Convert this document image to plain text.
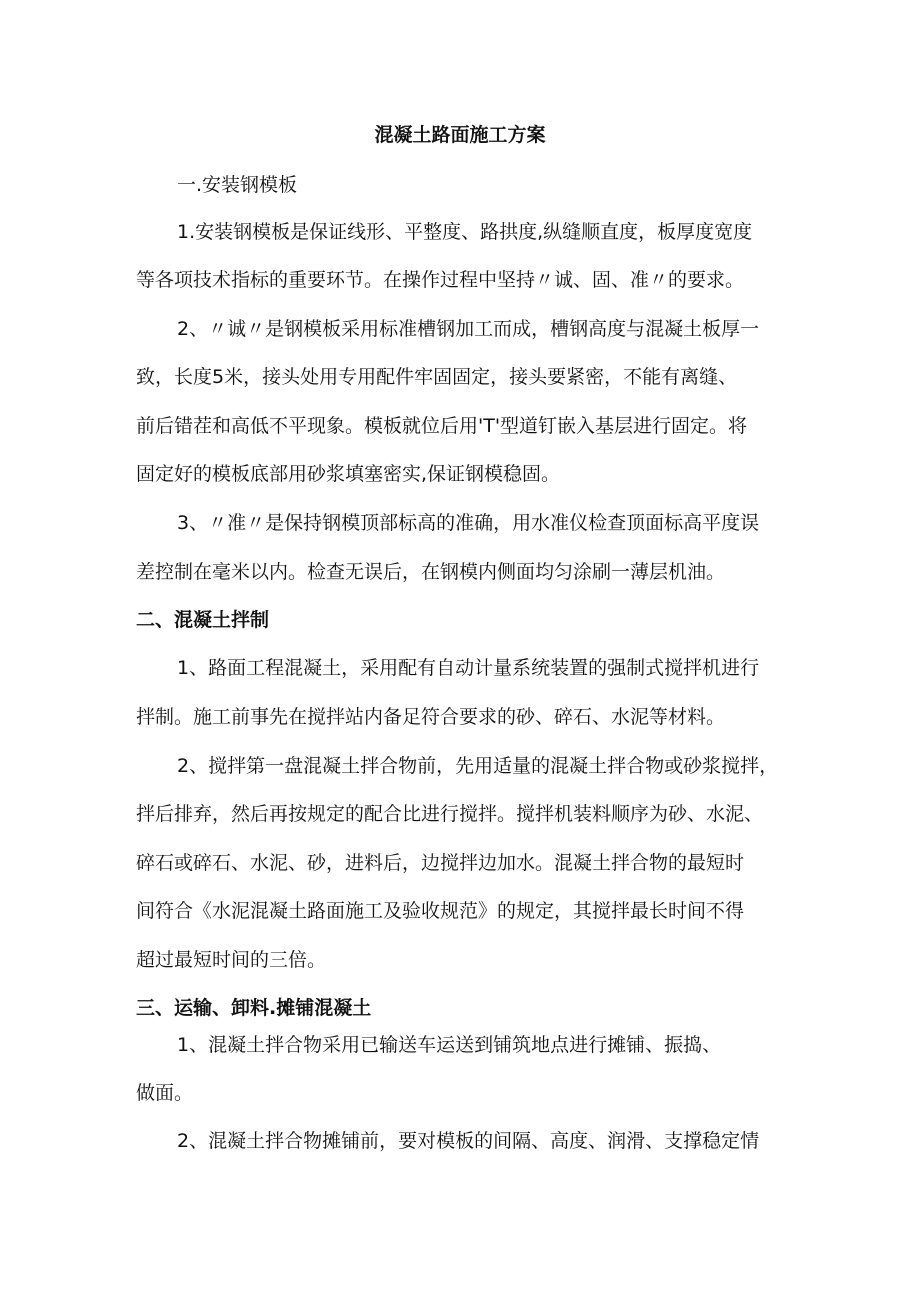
混凝土路面施工方案
一.安装钢模板
1.安装钢模板是保证线形、平整度、路拱度,纵缝顺直度，板厚度宽度
等各项技术指标的重要环节。在操作过程中坚持〃诚、固、准〃的要求。
2、〃诚〃是钢模板采用标准槽钢加工而成，槽钢高度与混凝土板厚一
致，长度5米，接头处用专用配件牢固固定，接头要紧密，不能有离缝、
前后错茬和高低不平现象。模板就位后用'T'型道钉嵌入基层进行固定。将
固定好的模板底部用砂浆填塞密实,保证钢模稳固。
3、〃准〃是保持钢模顶部标高的准确，用水准仪检查顶面标高平度误
差控制在毫米以内。检查无误后，在钢模内侧面均匀涂刷一薄层机油。
二、混凝土拌制
1、路面工程混凝土，采用配有自动计量系统装置的强制式搅拌机进行
拌制。施工前事先在搅拌站内备足符合要求的砂、碎石、水泥等材料。
2、搅拌第一盘混凝土拌合物前，先用适量的混凝土拌合物或砂浆搅拌，
拌后排弃，然后再按规定的配合比进行搅拌。搅拌机装料顺序为砂、水泥、
碎石或碎石、水泥、砂，进料后，边搅拌边加水。混凝土拌合物的最短时
间符合《水泥混凝土路面施工及验收规范》的规定，其搅拌最长时间不得
超过最短时间的三倍。
三、运输、卸料.摊铺混凝土
1、混凝土拌合物采用已输送车运送到铺筑地点进行摊铺、振捣、
做面。
2、混凝土拌合物摊铺前，要对模板的间隔、高度、润滑、支撑稳定情
